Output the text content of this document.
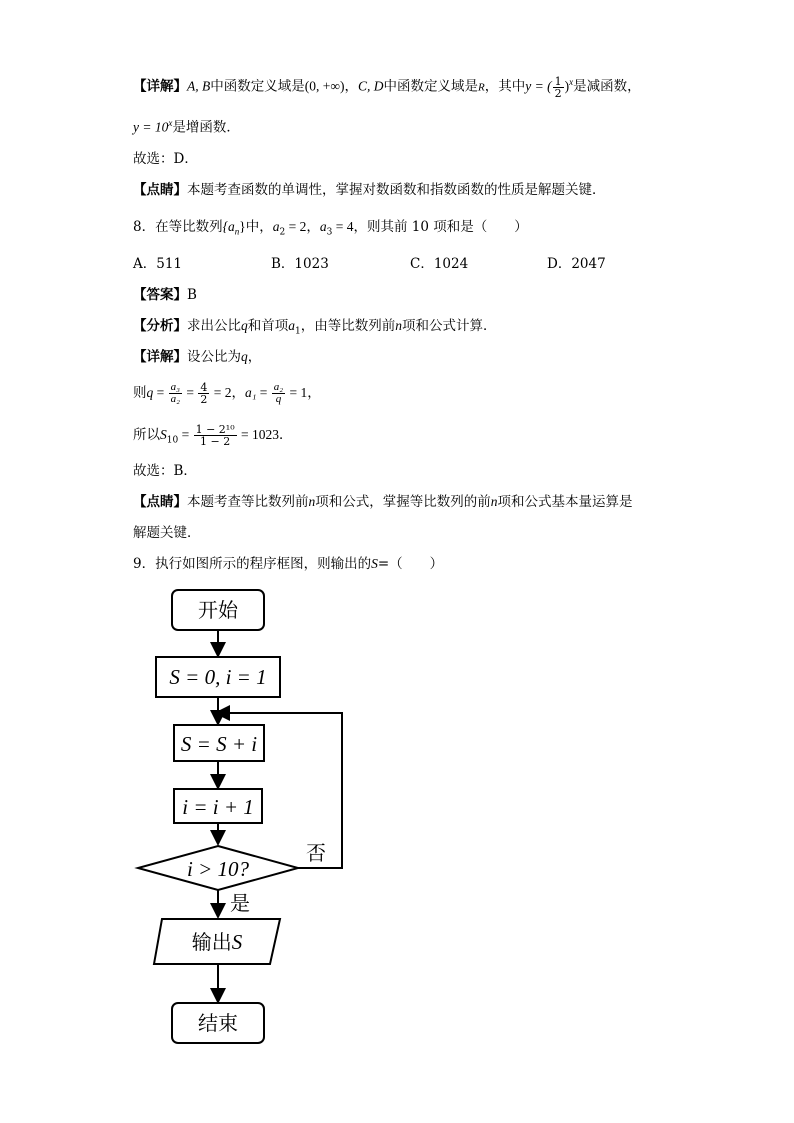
【详解】A, B中函数定义域是(0, +∞)，C, D中函数定义域是R，其中y = ( $\frac{1}{2} )^x$是减函数，
$y = 10^x$是增函数．
故选：D．
【点睛】本题考查函数的单调性，掌握对数函数和指数函数的性质是解题关键．
8．在等比数列$\{a_n\}$中，$a_2 = 2$，$a_3 = 4$，则其前 10 项和是（　　）
A．511	B．1023	C．1024	D．2047
【答案】B
【分析】求出公比q和首项$a_1$，由等比数列前n项和公式计算．
【详解】设公比为q，
则$q = \frac{\text{a₃}}{\text{a₂}} = \frac{4}{2} = 2$，$a_1 = \frac{\text{a₂}}{q} = 1$，
所以$S_{10} = \frac{\text{1 − 2¹⁰}}{1 - 2} = 1023$．
故选：B．
【点睛】本题考查等比数列前n项和公式，掌握等比数列的前n项和公式基本量运算是
解题关键．
9．执行如图所示的程序框图，则输出的S=（　　）
开始
S = 0, i = 1
S = S + i
i = i + 1
i > 10?
否
是
输出S
结束
